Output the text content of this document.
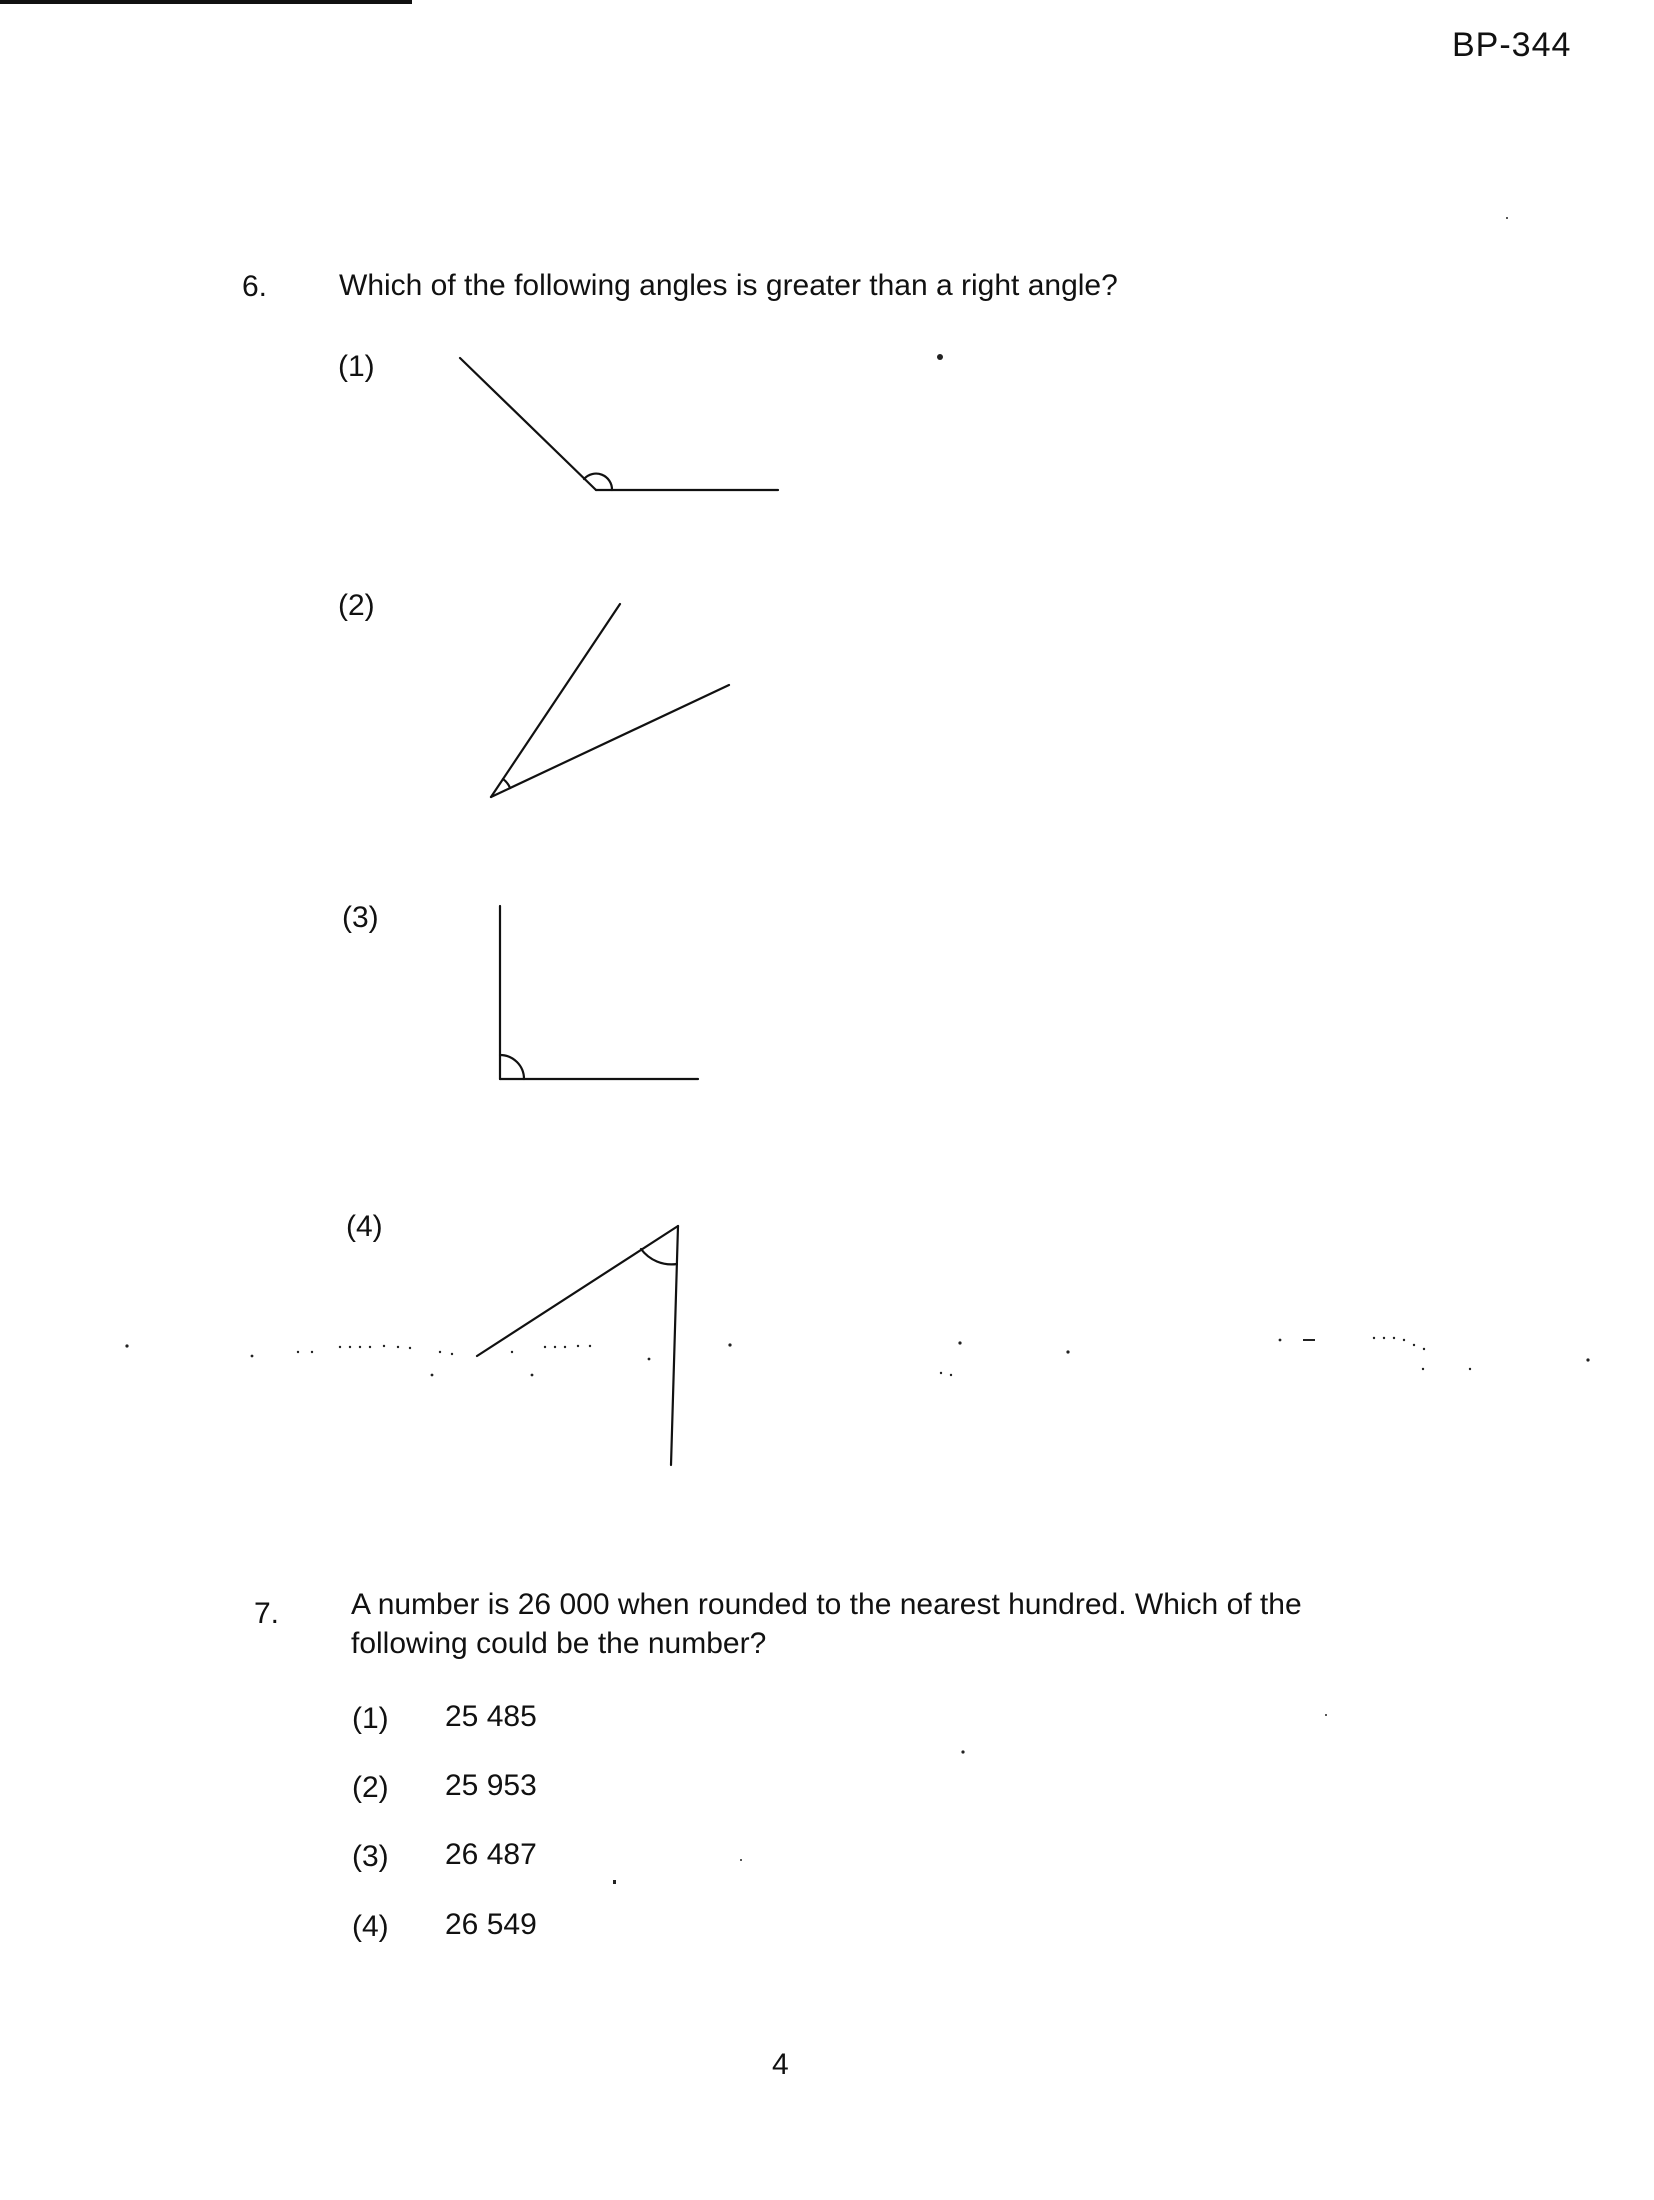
BP-344
6. Which of the following angles is greater than a right angle?
(1)
(2)
(3)
(4)
7. A number is 26 000 when rounded to the nearest hundred. Which of the
following could be the number?
(1) 25 485
(2) 25 953
(3) 26 487
(4) 26 549
4
